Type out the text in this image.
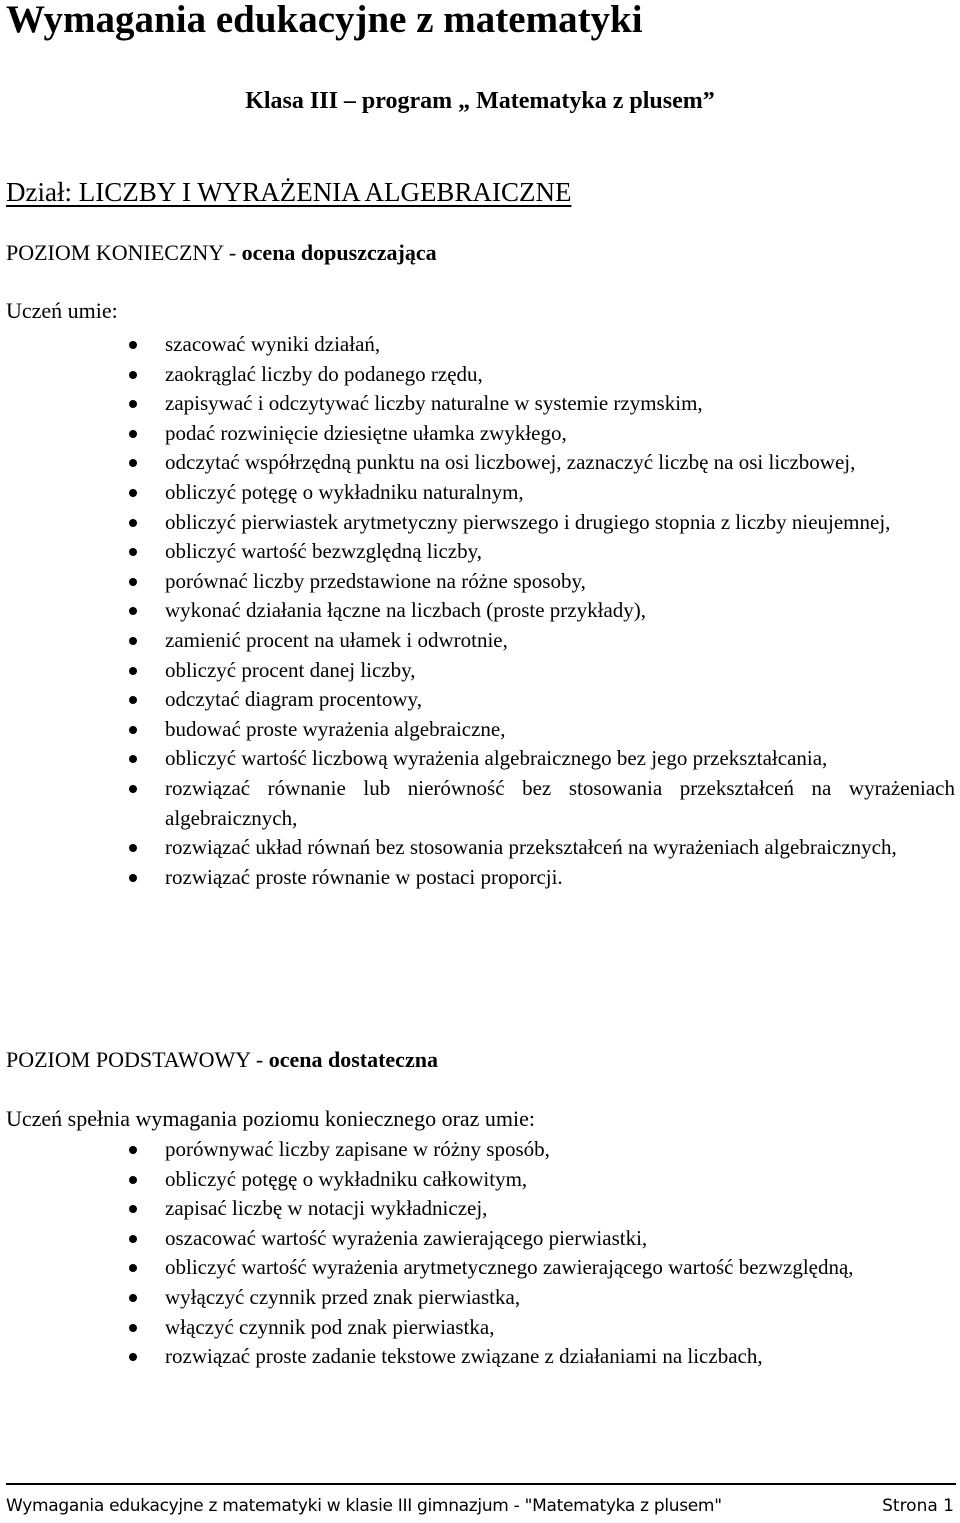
Wymagania edukacyjne z matematyki

Klasa III – program „ Matematyka z plusem”

Dział: LICZBY I WYRAŻENIA ALGEBRAICZNE

POZIOM KONIECZNY - ocena dopuszczająca

Uczeń umie:

szacować wyniki działań,
zaokrąglać liczby do podanego rzędu,
zapisywać i odczytywać liczby naturalne w systemie rzymskim,
podać rozwinięcie dziesiętne ułamka zwykłego,
odczytać współrzędną punktu na osi liczbowej, zaznaczyć liczbę na osi liczbowej,
obliczyć potęgę o wykładniku naturalnym,
obliczyć pierwiastek arytmetyczny pierwszego i drugiego stopnia z liczby nieujemnej,
obliczyć wartość bezwzględną liczby,
porównać liczby przedstawione na różne sposoby,
wykonać działania łączne na liczbach (proste przykłady),
zamienić procent na ułamek i odwrotnie,
obliczyć procent danej liczby,
odczytać diagram procentowy,
budować proste wyrażenia algebraiczne,
obliczyć wartość liczbową wyrażenia algebraicznego bez jego przekształcania,
rozwiązać równanie lub nierówność bez stosowania przekształceń na wyrażeniach algebraicznych,
rozwiązać układ równań bez stosowania przekształceń na wyrażeniach algebraicznych,
rozwiązać proste równanie w postaci proporcji.

POZIOM PODSTAWOWY - ocena dostateczna

Uczeń spełnia wymagania poziomu koniecznego oraz umie:

porównywać liczby zapisane w różny sposób,
obliczyć potęgę o wykładniku całkowitym,
zapisać liczbę w notacji wykładniczej,
oszacować wartość wyrażenia zawierającego pierwiastki,
obliczyć wartość wyrażenia arytmetycznego zawierającego wartość bezwzględną,
wyłączyć czynnik przed znak pierwiastka,
włączyć czynnik pod znak pierwiastka,
rozwiązać proste zadanie tekstowe związane z działaniami na liczbach,
Wymagania edukacyjne z matematyki w klasie III gimnazjum - "Matematyka z plusem"	Strona 1
